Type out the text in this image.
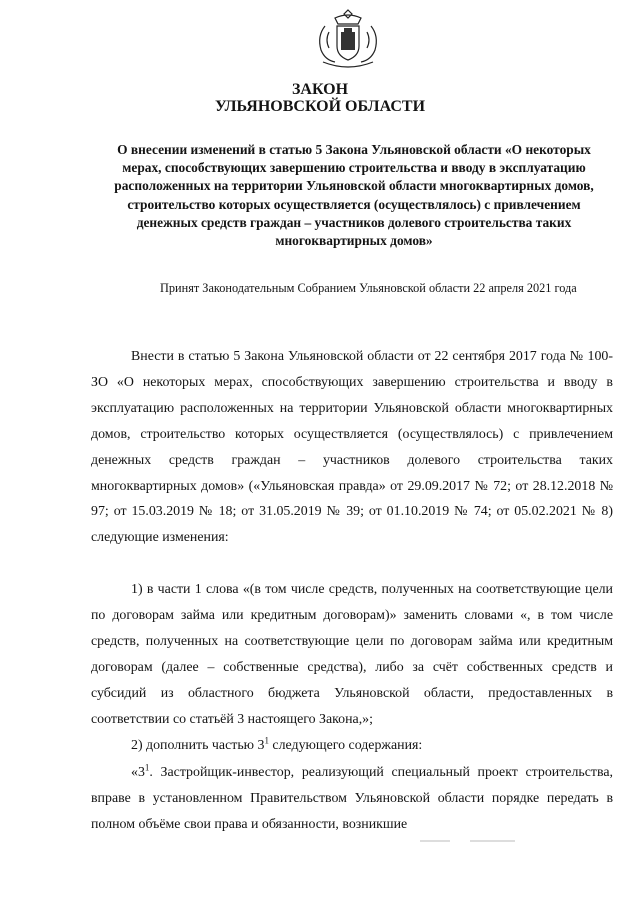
ЗАКОН
УЛЬЯНОВСКОЙ ОБЛАСТИ
О внесении изменений в статью 5 Закона Ульяновской области «О некоторых мерах, способствующих завершению строительства и вводу в эксплуатацию расположенных на территории Ульяновской области многоквартирных домов, строительство которых осуществляется (осуществлялось) с привлечением денежных средств граждан – участников долевого строительства таких многоквартирных домов»
Принят Законодательным Собранием Ульяновской области 22 апреля 2021 года
Внести в статью 5 Закона Ульяновской области от 22 сентября 2017 года № 100-ЗО «О некоторых мерах, способствующих завершению строительства и вводу в эксплуатацию расположенных на территории Ульяновской области многоквартирных домов, строительство которых осуществляется (осуществлялось) с привлечением денежных средств граждан – участников долевого строительства таких многоквартирных домов» («Ульяновская правда» от 29.09.2017 № 72; от 28.12.2018 № 97; от 15.03.2019 № 18; от 31.05.2019 № 39; от 01.10.2019 № 74; от 05.02.2021 № 8) следующие изменения:
1) в части 1 слова «(в том числе средств, полученных на соответствующие цели по договорам займа или кредитным договорам)» заменить словами «, в том числе средств, полученных на соответствующие цели по договорам займа или кредитным договорам (далее – собственные средства), либо за счёт собственных средств и субсидий из областного бюджета Ульяновской области, предоставленных в соответствии со статьёй 3 настоящего Закона,»;
2) дополнить частью $3^1$ следующего содержания:
«$3^1$. Застройщик-инвестор, реализующий специальный проект строительства, вправе в установленном Правительством Ульяновской области порядке передать в полном объёме свои права и обязанности, возникшие
